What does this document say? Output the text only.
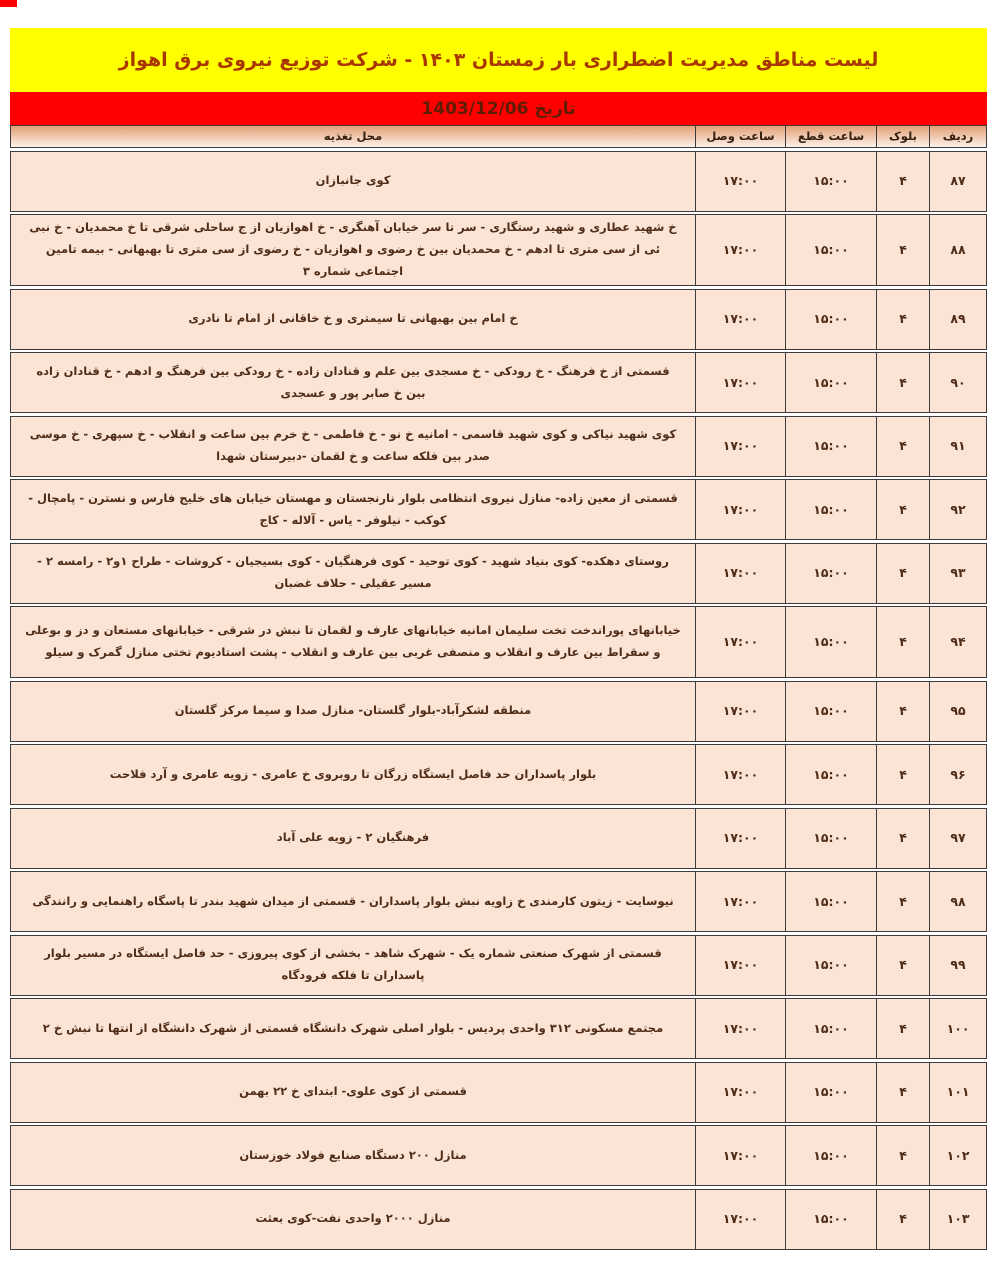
لیست مناطق مدیریت اضطراری بار زمستان ۱۴۰۳ - شرکت توزیع نیروی برق اهواز
تاریخ 1403/12/06
ردیف
بلوک
ساعت قطع
ساعت وصل
محل تغذیه
۸۷
۴
۱۵:۰۰
۱۷:۰۰
کوی جانبازان
۸۸
۴
۱۵:۰۰
۱۷:۰۰
خ شهید عطاری و شهید رستگاری - سر تا سر خیابان آهنگری - خ اهوازیان از ج ساحلی شرقی تا خ محمدیان - خ نبی ئی از سی متری تا ادهم - خ محمدیان بین خ رضوی و اهوازیان - خ رضوی از سی متری تا بهبهانی - بیمه تامین اجتماعی شماره ۳
۸۹
۴
۱۵:۰۰
۱۷:۰۰
خ امام بین بهبهانی تا سیمتری و خ خاقانی از امام تا نادری
۹۰
۴
۱۵:۰۰
۱۷:۰۰
قسمتی از خ فرهنگ - خ رودکی - خ مسجدی بین علم و قنادان زاده - خ رودکی بین فرهنگ و ادهم - خ قنادان زاده بین خ صابر پور و عسجدی
۹۱
۴
۱۵:۰۰
۱۷:۰۰
کوی شهید نیاکی و کوی شهید قاسمی - امانیه خ نو - خ فاطمی - خ خرم بین ساعت و انقلاب - خ سپهری - خ موسی صدر بین فلکه ساعت و خ لقمان -دبیرستان شهدا
۹۲
۴
۱۵:۰۰
۱۷:۰۰
قسمتی از معین زاده- منازل نیروی انتظامی بلوار نارنجستان و مهستان خیابان های خلیج فارس و نسترن - پامچال - کوکب - نیلوفر - یاس - آلاله - کاج
۹۳
۴
۱۵:۰۰
۱۷:۰۰
روستای دهکده- کوی بنیاد شهید - کوی توحید - کوی فرهنگیان - کوی بسیجیان - کروشات - طراح ۱و۲ - رامسه ۲ - مسیر عقیلی - حلاف غضبان
۹۴
۴
۱۵:۰۰
۱۷:۰۰
خیابانهای پوراندخت تخت سلیمان امانیه خیابانهای عارف و لقمان تا نبش در شرقی - خیابانهای مستعان و دز و بوعلی و سقراط بین عارف و انقلاب و منصفی غربی بین عارف و انقلاب - پشت استادیوم تختی منازل گمرک و سیلو
۹۵
۴
۱۵:۰۰
۱۷:۰۰
منطقه لشکرآباد-بلوار گلستان- منازل صدا و سیما مرکز گلستان
۹۶
۴
۱۵:۰۰
۱۷:۰۰
بلوار پاسداران حد فاصل ایستگاه زرگان تا روبروی خ عامری - زویه عامری و آرد فلاحت
۹۷
۴
۱۵:۰۰
۱۷:۰۰
فرهنگیان ۲ - زویه علی آباد
۹۸
۴
۱۵:۰۰
۱۷:۰۰
نیوسایت - زیتون کارمندی خ زاویه نبش بلوار پاسداران - قسمتی از میدان شهید بندر تا پاسگاه راهنمایی و رانندگی
۹۹
۴
۱۵:۰۰
۱۷:۰۰
قسمتی از شهرک صنعتی شماره یک - شهرک شاهد - بخشی از کوی پیروزی - حد فاصل ایستگاه در مسیر بلوار پاسداران تا فلکه فرودگاه
۱۰۰
۴
۱۵:۰۰
۱۷:۰۰
مجتمع مسکونی ۳۱۲ واحدی پردیس - بلوار اصلی شهرک دانشگاه قسمتی از شهرک دانشگاه از انتها تا نبش خ ۲
۱۰۱
۴
۱۵:۰۰
۱۷:۰۰
قسمتی از کوی علوی- ابتدای خ ۲۲ بهمن
۱۰۲
۴
۱۵:۰۰
۱۷:۰۰
منازل ۲۰۰ دستگاه صنایع فولاد خوزستان
۱۰۳
۴
۱۵:۰۰
۱۷:۰۰
منازل ۲۰۰۰ واحدی نفت-کوی بعثت
